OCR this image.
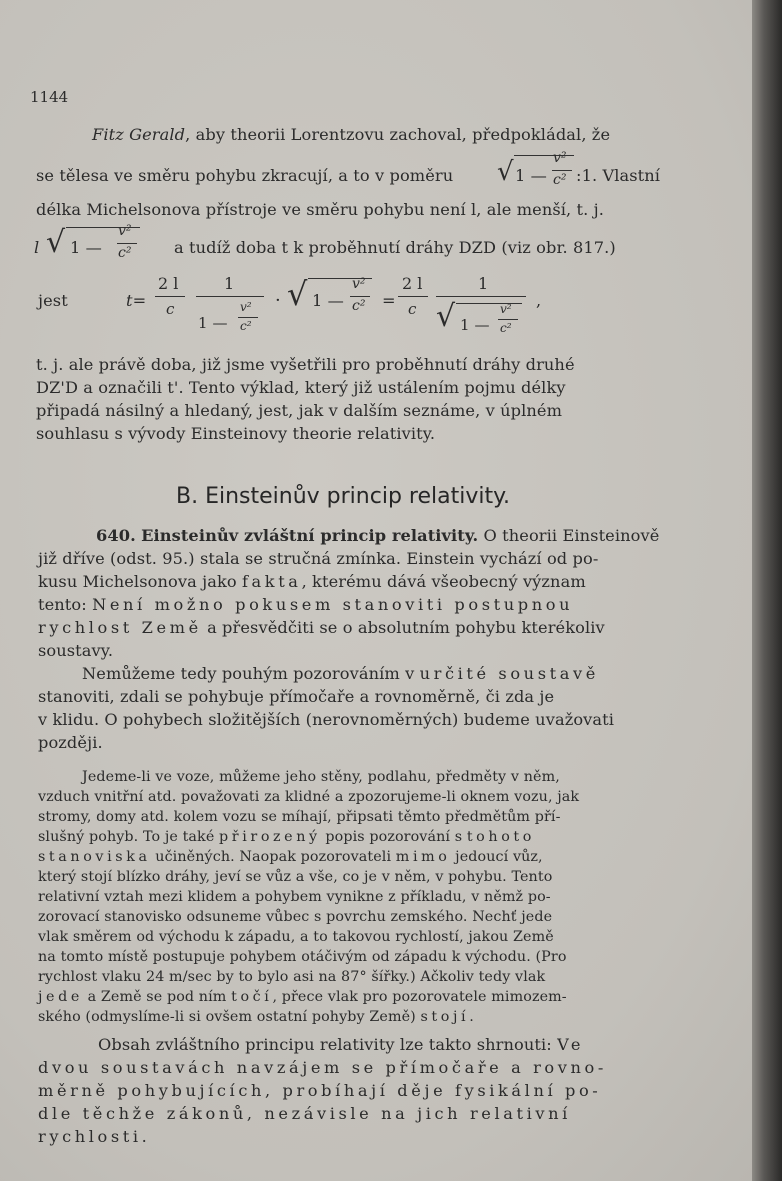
1144
Fitz Gerald, aby theorii Lorentzovu zachoval, předpokládal, že
se tělesa ve směru pohybu zkracují, a to v poměru √ 1 —
v²
c² :1. Vlastní
délka Michelsonova přístroje ve směru pohybu není l, ale menší, t. j.
l √ 1 —
v²
c²	a tudíž doba t k proběhnutí dráhy DZD (viz obr. 817.)
jest	t=
2 l
c
1
1 —
v²
c²
· √ 1 —
v²
c² =
2 l
c
1
√ 1 —
v²
c²
,
t. j. ale právě doba, již jsme vyšetřili pro proběhnutí dráhy druhé
DZ'D a označili t'. Tento výklad, který již ustálením pojmu délky
připadá násilný a hledaný, jest, jak v dalším seznáme, v úplném
souhlasu s vývody Einsteinovy theorie relativity.
B. Einsteinův princip relativity.
640. Einsteinův zvláštní princip relativity. O theorii Einsteinově
již dříve (odst. 95.) stala se stručná zmínka. Einstein vychází od po-
kusu Michelsonova jako fakta, kterému dává všeobecný význam
tento: Není možno pokusem stanoviti postupnou
rychlost Země a přesvědčiti se o absolutním pohybu kterékoliv
soustavy.
Nemůžeme tedy pouhým pozorováním v určité soustavě
stanoviti, zdali se pohybuje přímočaře a rovnoměrně, či zda je
v klidu. O pohybech složitějších (nerovnoměrných) budeme uvažovati
později.
Jedeme-li ve voze, můžeme jeho stěny, podlahu, předměty v něm,
vzduch vnitřní atd. považovati za klidné a zpozorujeme-li oknem vozu, jak
stromy, domy atd. kolem vozu se míhají, připsati těmto předmětům pří-
slušný pohyb. To je také přirozený popis pozorování s tohoto
stanoviska učiněných. Naopak pozorovateli mimo jedoucí vůz,
který stojí blízko dráhy, jeví se vůz a vše, co je v něm, v pohybu. Tento
relativní vztah mezi klidem a pohybem vynikne z příkladu, v němž po-
zorovací stanovisko odsuneme vůbec s povrchu zemského. Nechť jede
vlak směrem od východu k západu, a to takovou rychlostí, jakou Země
na tomto místě postupuje pohybem otáčivým od západu k východu. (Pro
rychlost vlaku 24 m/sec by to bylo asi na 87° šířky.) Ačkoliv tedy vlak
jede a Země se pod ním točí, přece vlak pro pozorovatele mimozem-
ského (odmyslíme-li si ovšem ostatní pohyby Země) stojí.
Obsah zvláštního principu relativity lze takto shrnouti: Ve
dvou soustavách navzájem se přímočaře a rovno-
měrně pohybujících, probíhají děje fysikální po-
dle těchže zákonů, nezávisle na jich relativní
rychlosti.
